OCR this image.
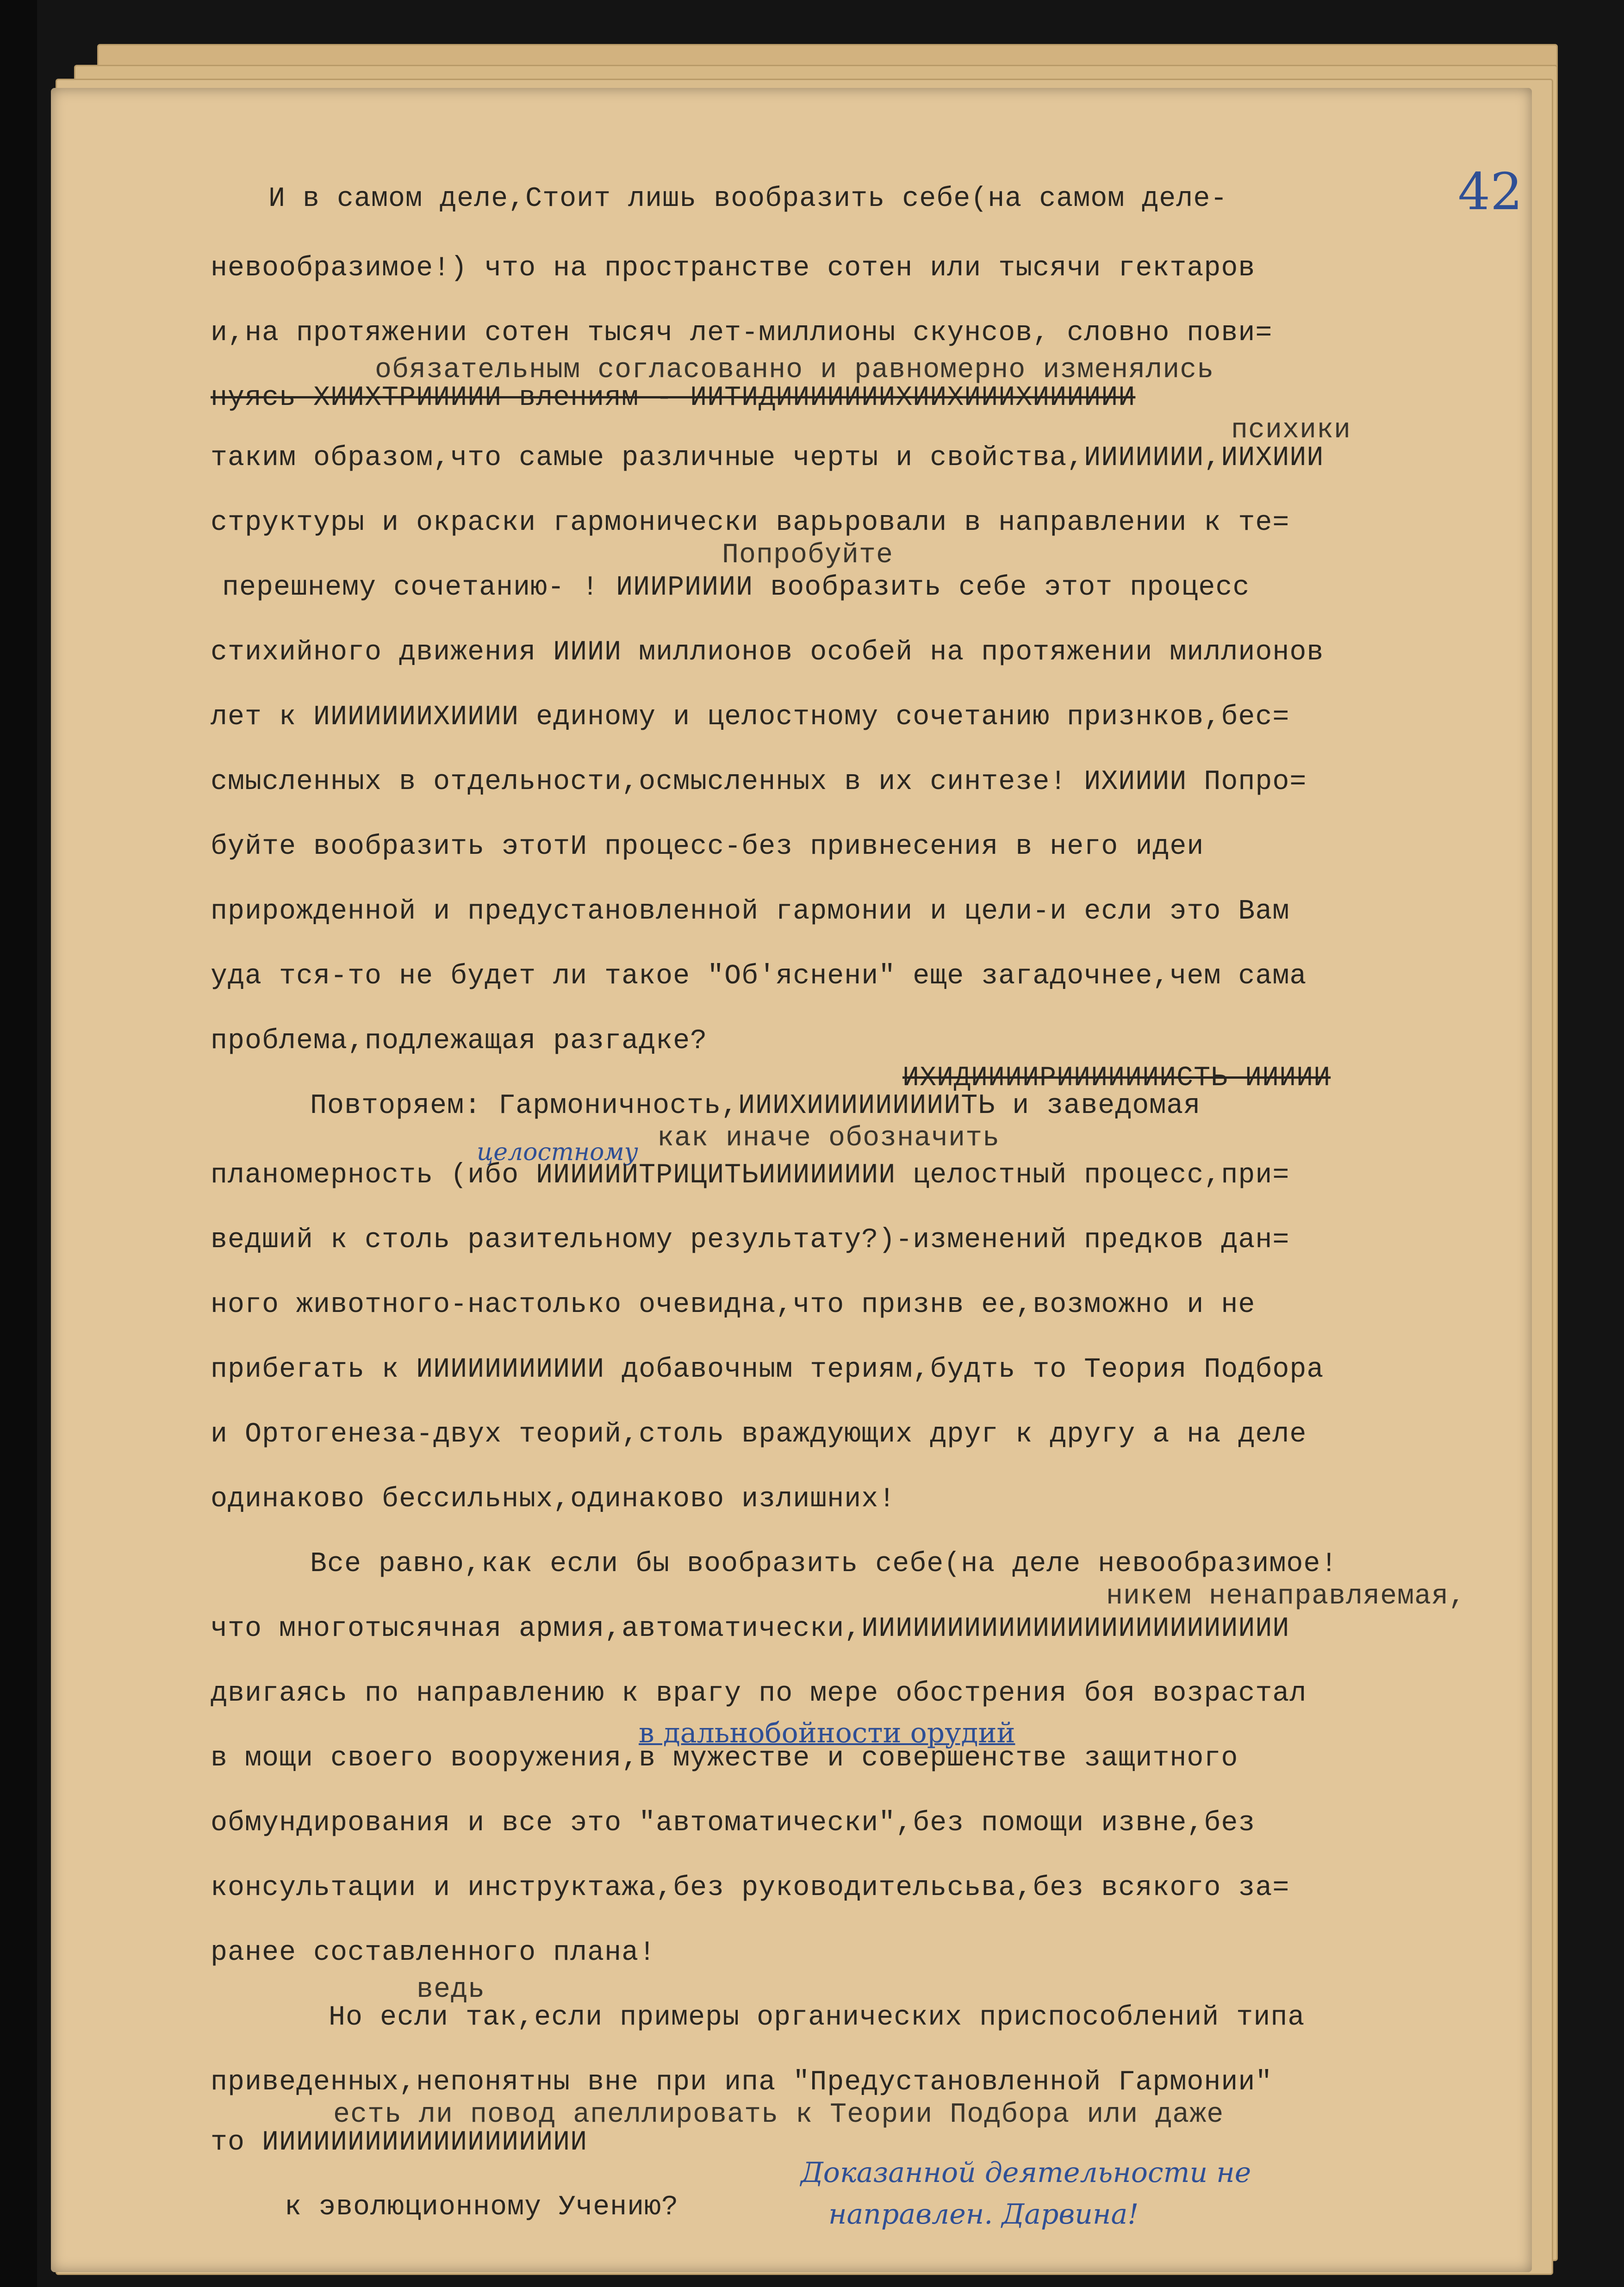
42
И в самом деле,Стоит лишь вообразить себе(на самом деле-
невообразимое!) что на пространстве сотен или тысячи гектаров
и,на протяжении сотен тысяч лет-миллионы скунсов, словно пови=
обязательным согласованно и равномерно изменялись
нуясь ХИИХТРИИИИИ влениям - ИИТИДИИИИИИИХИИХИИИХИИИИИИ
психики
таким образом,что самые различные черты и свойства,ИИИИИИИ,ИИХИИИ
структуры и окраски гармонически варьровали в направлении к те=
Попробуйте
перешнему сочетанию- ! ИИИРИИИИ вообразить себе этот процесс
стихийного движения ИИИИ миллионов особей на протяжении миллионов
лет к ИИИИИИИХИИИИ единому и целостному сочетанию признков,бес=
смысленных в отдельности,осмысленных в их синтезе! ИХИИИИ Попро=
буйте вообразить этотИ процесс-без привнесения в него идеи
прирожденной и предустановленной гармонии и цели-и если это Вам
уда тся-то не будет ли такое "Об'яснени" еще загадочнее,чем сама
проблема,подлежащая разгадке?
ИХИДИИИИРИИИИИИИСТЬ ИИИИИ
Повторяем: Гармоничность,ИИИХИИИИИИИИИТЬ и заведомая
как иначе обозначить
целостному
планомерность (ибо ИИИИИИТРИЦИТЬИИИИИИИИ целостный процесс,при=
ведший к столь разительному результату?)-изменений предков дан=
ного животного-настолько очевидна,что признв ее,возможно и не
прибегать к ИИИИИИИИИИИ добавочным териям,будть то Теория Подбора
и Ортогенеза-двух теорий,столь враждующих друг к другу а на деле
одинаково бессильных,одинаково излишних!
Все равно,как если бы вообразить себе(на деле невообразимое!
никем ненаправляемая,
что многотысячная армия,автоматически,ИИИИИИИИИИИИИИИИИИИИИИИИИ
двигаясь по направлению к врагу по мере обострения боя возрастал
в дальнобойности орудий
в мощи своего вооружения,в мужестве и совершенстве защитного
обмундирования и все это "автоматически",без помощи извне,без
консультации и инструктажа,без руководительсьва,без всякого за=
ранее составленного плана!
ведь
Но если так,если примеры органических приспособлений типа
приведенных,непонятны вне при ипа "Предустановленной Гармонии"
есть ли повод апеллировать к Теории Подбора или даже
то ИИИИИИИИИИИИИИИИИИИ
к эволюционному Учению?
Доказанной деятельности не
направлен. Дарвина!
